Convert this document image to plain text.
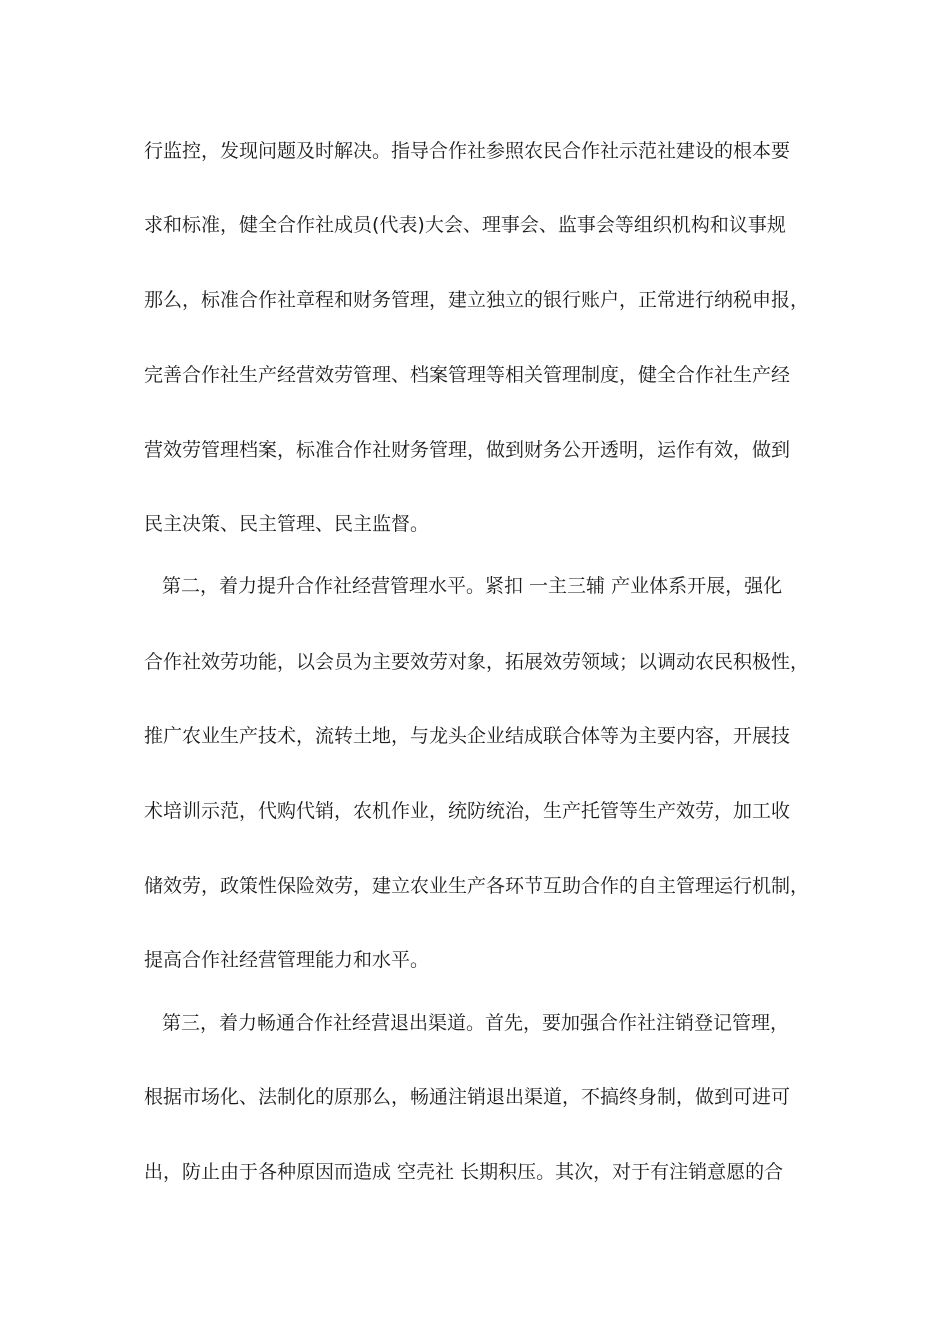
行监控，发现问题及时解决。指导合作社参照农民合作社示范社建设的根本要
求和标准，健全合作社成员(代表)大会、理事会、监事会等组织机构和议事规
那么，标准合作社章程和财务管理，建立独立的银行账户，正常进行纳税申报，
完善合作社生产经营效劳管理、档案管理等相关管理制度，健全合作社生产经
营效劳管理档案，标准合作社财务管理，做到财务公开透明，运作有效，做到
民主决策、民主管理、民主监督。
第二，着力提升合作社经营管理水平。紧扣 一主三辅 产业体系开展，强化
合作社效劳功能，以会员为主要效劳对象，拓展效劳领域；以调动农民积极性，
推广农业生产技术，流转土地，与龙头企业结成联合体等为主要内容，开展技
术培训示范，代购代销，农机作业，统防统治，生产托管等生产效劳，加工收
储效劳，政策性保险效劳，建立农业生产各环节互助合作的自主管理运行机制，
提高合作社经营管理能力和水平。
第三，着力畅通合作社经营退出渠道。首先，要加强合作社注销登记管理，
根据市场化、法制化的原那么，畅通注销退出渠道，不搞终身制，做到可进可
出，防止由于各种原因而造成 空壳社 长期积压。其次，对于有注销意愿的合
